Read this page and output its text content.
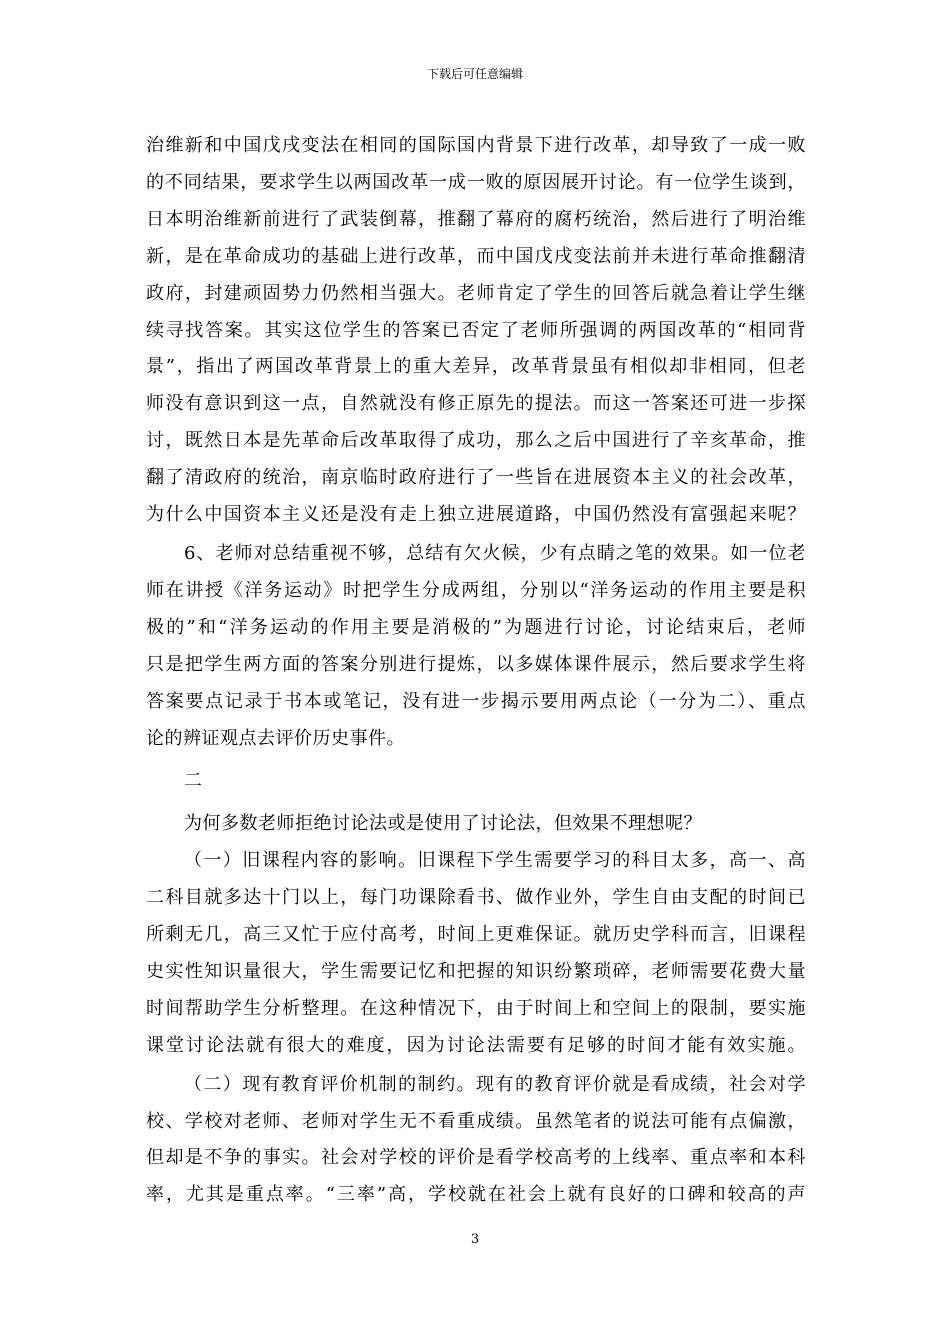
下载后可任意编辑
治维新和中国戊戌变法在相同的国际国内背景下进行改革，却导致了一成一败
的不同结果，要求学生以两国改革一成一败的原因展开讨论。有一位学生谈到，
日本明治维新前进行了武装倒幕，推翻了幕府的腐朽统治，然后进行了明治维
新，是在革命成功的基础上进行改革，而中国戊戌变法前并未进行革命推翻清
政府，封建顽固势力仍然相当强大。老师肯定了学生的回答后就急着让学生继
续寻找答案。其实这位学生的答案已否定了老师所强调的两国改革的“相同背
景”，指出了两国改革背景上的重大差异，改革背景虽有相似却非相同，但老
师没有意识到这一点，自然就没有修正原先的提法。而这一答案还可进一步探
讨，既然日本是先革命后改革取得了成功，那么之后中国进行了辛亥革命，推
翻了清政府的统治，南京临时政府进行了一些旨在进展资本主义的社会改革，
为什么中国资本主义还是没有走上独立进展道路，中国仍然没有富强起来呢？
6、老师对总结重视不够，总结有欠火候，少有点睛之笔的效果。如一位老
师在讲授《洋务运动》时把学生分成两组，分别以“洋务运动的作用主要是积
极的”和“洋务运动的作用主要是消极的”为题进行讨论，讨论结束后，老师
只是把学生两方面的答案分别进行提炼，以多媒体课件展示，然后要求学生将
答案要点记录于书本或笔记，没有进一步揭示要用两点论（一分为二）、重点
论的辨证观点去评价历史事件。
二
为何多数老师拒绝讨论法或是使用了讨论法，但效果不理想呢？
（一）旧课程内容的影响。旧课程下学生需要学习的科目太多，高一、高
二科目就多达十门以上，每门功课除看书、做作业外，学生自由支配的时间已
所剩无几，高三又忙于应付高考，时间上更难保证。就历史学科而言，旧课程
史实性知识量很大，学生需要记忆和把握的知识纷繁琐碎，老师需要花费大量
时间帮助学生分析整理。在这种情况下，由于时间上和空间上的限制，要实施
课堂讨论法就有很大的难度，因为讨论法需要有足够的时间才能有效实施。
（二）现有教育评价机制的制约。现有的教育评价就是看成绩，社会对学
校、学校对老师、老师对学生无不看重成绩。虽然笔者的说法可能有点偏激，
但却是不争的事实。社会对学校的评价是看学校高考的上线率、重点率和本科
率，尤其是重点率。“三率”高，学校就在社会上就有良好的口碑和较高的声
3
